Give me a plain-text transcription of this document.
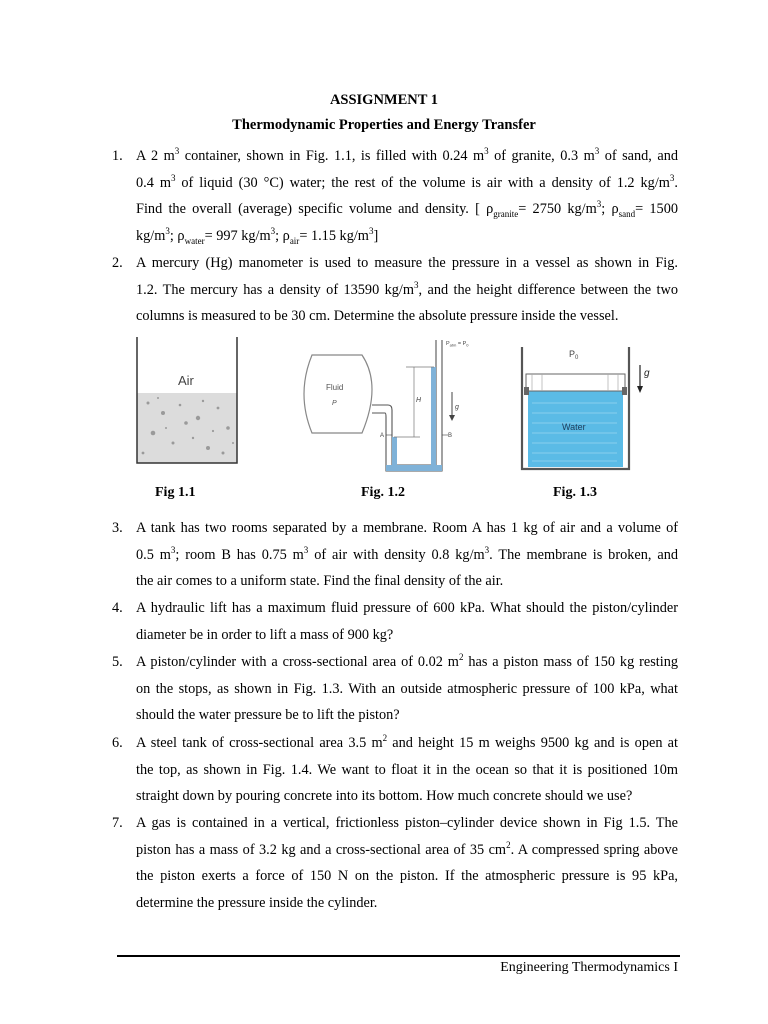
ASSIGNMENT 1
Thermodynamic Properties and Energy Transfer
1. A 2 $m^3$ container, shown in Fig. 1.1, is filled with 0.24 $m^3$ of granite, 0.3 $m^3$ of sand, and
0.4 $m^3$ of liquid (30 °C) water; the rest of the volume is air with a density of 1.2 $kg/m^3$.
Find the overall (average) specific volume and density. [ $\rho_{granite}= 2750$ $kg/m^3$; $\rho_{sand}= 1500$
$kg/m^3$; $\rho_{water}= 997$ $kg/m^3$; $\rho_{air}= 1.15$ $kg/m^3$]
2. A mercury (Hg) manometer is used to measure the pressure in a vessel as shown in Fig.
1.2. The mercury has a density of 13590 $kg/m^3$, and the height difference between the two
columns is measured to be 30 cm. Determine the absolute pressure inside the vessel.
Air	Fluid
P	H
g
A	B
$P_{atm} = P_0$
$P_0$
Water
g
Fig 1.1	Fig. 1.2	Fig. 1.3
3. A tank has two rooms separated by a membrane. Room A has 1 kg of air and a volume of
0.5 $m^3$; room B has 0.75 $m^3$ of air with density 0.8 $kg/m^3$. The membrane is broken, and
the air comes to a uniform state. Find the final density of the air.
4. A hydraulic lift has a maximum fluid pressure of 600 kPa. What should the piston/cylinder
diameter be in order to lift a mass of 900 kg?
5. A piston/cylinder with a cross-sectional area of 0.02 $m^2$ has a piston mass of 150 kg resting
on the stops, as shown in Fig. 1.3. With an outside atmospheric pressure of 100 kPa, what
should the water pressure be to lift the piston?
6. A steel tank of cross-sectional area 3.5 $m^2$ and height 15 m weighs 9500 kg and is open at
the top, as shown in Fig. 1.4. We want to float it in the ocean so that it is positioned 10m
straight down by pouring concrete into its bottom. How much concrete should we use?
7. A gas is contained in a vertical, frictionless piston–cylinder device shown in Fig 1.5. The
piston has a mass of 3.2 kg and a cross-sectional area of 35 $cm^2$. A compressed spring above
the piston exerts a force of 150 N on the piston. If the atmospheric pressure is 95 kPa,
determine the pressure inside the cylinder.
Engineering Thermodynamics I
